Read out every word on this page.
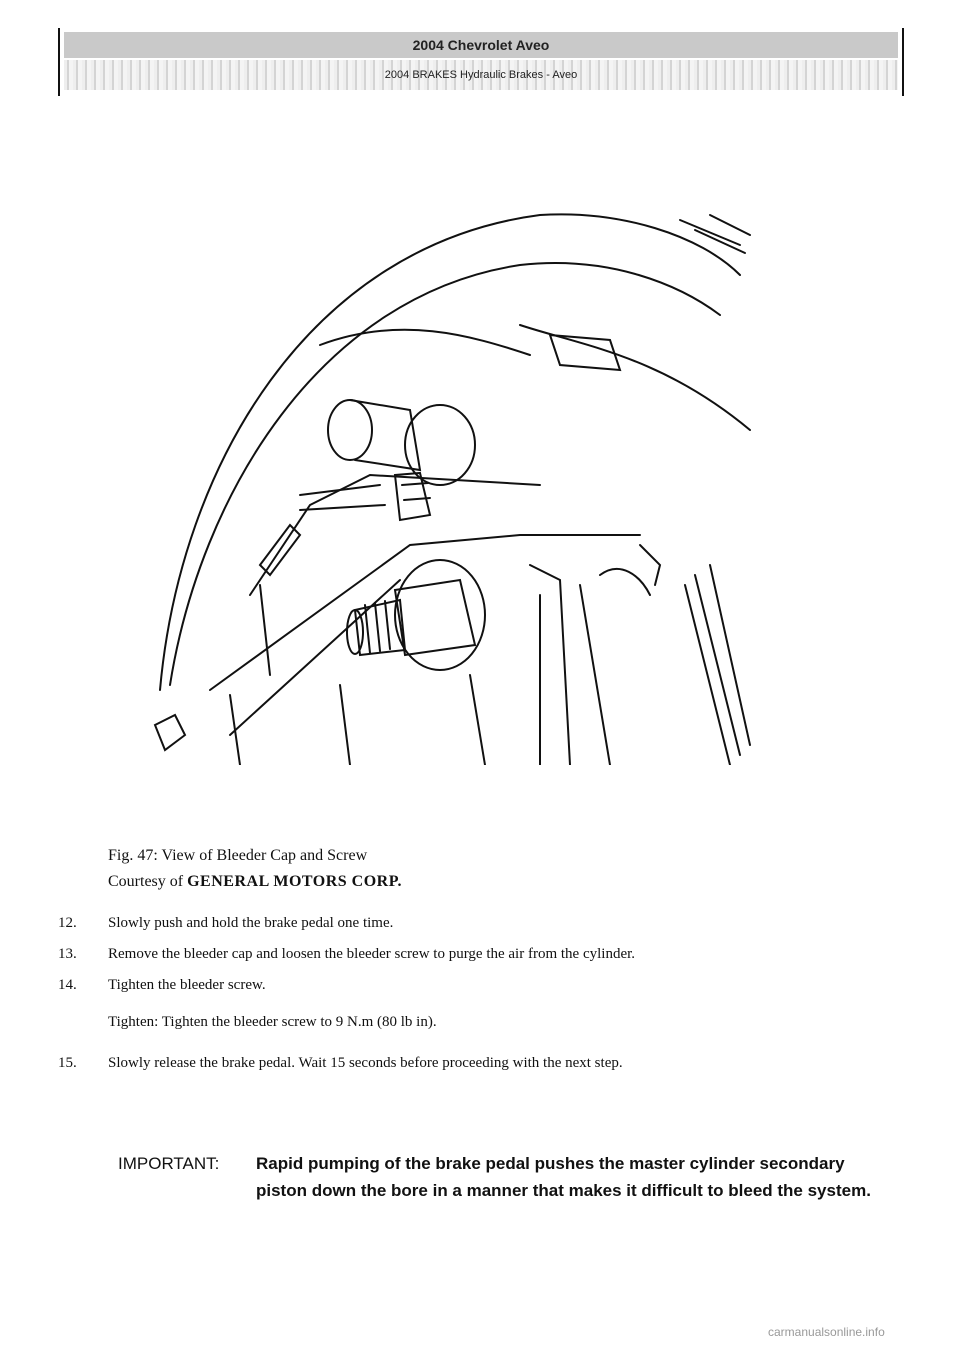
2004 Chevrolet Aveo
2004 BRAKES Hydraulic Brakes - Aveo
Fig. 47: View of Bleeder Cap and Screw
Courtesy of GENERAL MOTORS CORP.
12.	Slowly push and hold the brake pedal one time.
13.	Remove the bleeder cap and loosen the bleeder screw to purge the air from the cylinder.
14.	Tighten the bleeder screw.
Tighten: Tighten the bleeder screw to 9 N.m (80 lb in).
15.	Slowly release the brake pedal. Wait 15 seconds before proceeding with the next step.
IMPORTANT:	Rapid pumping of the brake pedal pushes the master cylinder secondary piston down the bore in a manner that makes it difficult to bleed the system.
carmanualsonline.info
